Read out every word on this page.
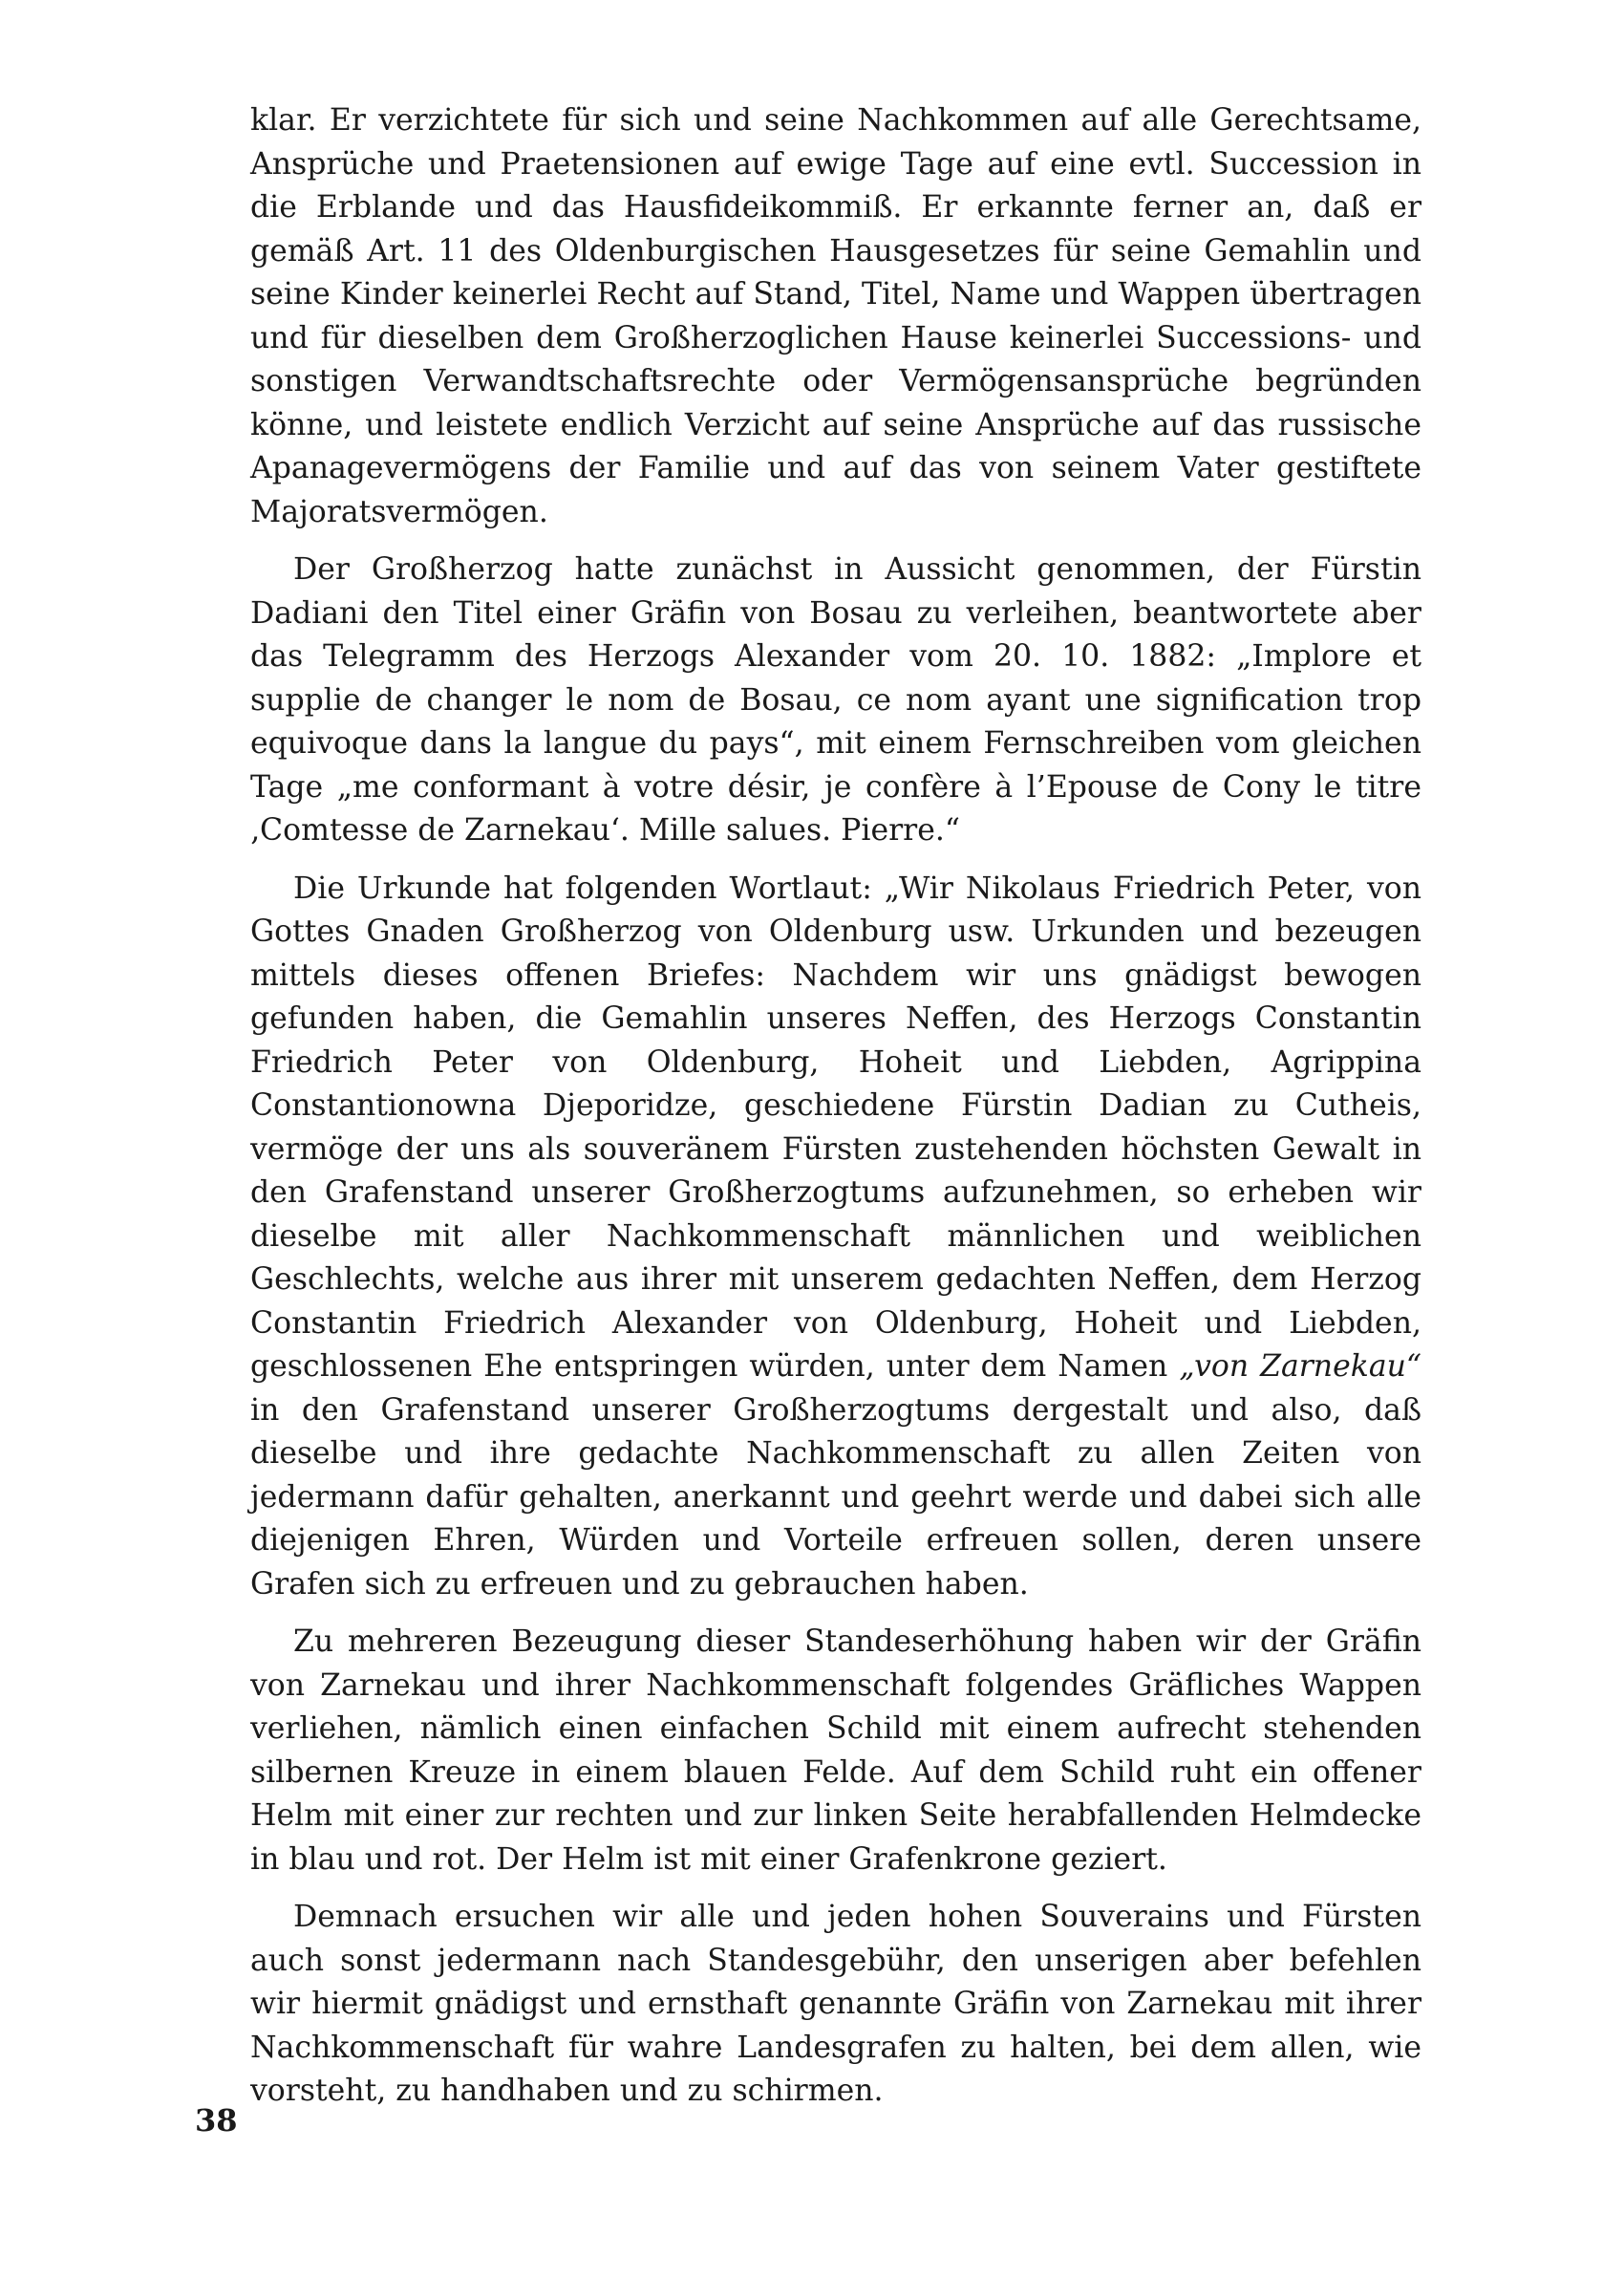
klar. Er verzichtete für sich und seine Nachkommen auf alle Gerechtsame, Ansprüche und Praetensionen auf ewige Tage auf eine evtl. Succession in die Erblande und das Hausfideikommiß. Er erkannte ferner an, daß er gemäß Art. 11 des Oldenburgischen Hausgesetzes für seine Gemahlin und seine Kinder keinerlei Recht auf Stand, Titel, Name und Wappen übertragen und für dieselben dem Großherzoglichen Hause keinerlei Successions- und sonstigen Verwandtschaftsrechte oder Vermögensansprüche begründen könne, und leistete endlich Verzicht auf seine Ansprüche auf das russische Apanagevermögens der Familie und auf das von seinem Vater gestiftete Majoratsvermögen.

Der Großherzog hatte zunächst in Aussicht genommen, der Fürstin Dadiani den Titel einer Gräfin von Bosau zu verleihen, beantwortete aber das Telegramm des Herzogs Alexander vom 20. 10. 1882: „Implore et supplie de changer le nom de Bosau, ce nom ayant une signification trop equivoque dans la langue du pays“, mit einem Fernschreiben vom gleichen Tage „me conformant à votre désir, je confère à l’Epouse de Cony le titre ‚Comtesse de Zarnekau‘. Mille salues. Pierre.“

Die Urkunde hat folgenden Wortlaut: „Wir Nikolaus Friedrich Peter, von Gottes Gnaden Großherzog von Oldenburg usw. Urkunden und bezeugen mittels dieses offenen Briefes: Nachdem wir uns gnädigst bewogen gefunden haben, die Gemahlin unseres Neffen, des Herzogs Constantin Friedrich Peter von Oldenburg, Hoheit und Liebden, Agrippina Constantionowna Djeporidze, geschiedene Fürstin Dadian zu Cutheis, vermöge der uns als souveränem Fürsten zustehenden höchsten Gewalt in den Grafenstand unserer Großherzogtums aufzunehmen, so erheben wir dieselbe mit aller Nachkommenschaft männlichen und weiblichen Geschlechts, welche aus ihrer mit unserem gedachten Neffen, dem Herzog Constantin Friedrich Alexander von Oldenburg, Hoheit und Liebden, geschlossenen Ehe entspringen würden, unter dem Namen „von Zarnekau“ in den Grafenstand unserer Großherzogtums dergestalt und also, daß dieselbe und ihre gedachte Nachkommenschaft zu allen Zeiten von jedermann dafür gehalten, anerkannt und geehrt werde und dabei sich alle diejenigen Ehren, Würden und Vorteile erfreuen sollen, deren unsere Grafen sich zu erfreuen und zu gebrauchen haben.

Zu mehreren Bezeugung dieser Standeserhöhung haben wir der Gräfin von Zarnekau und ihrer Nachkommenschaft folgendes Gräfliches Wappen verliehen, nämlich einen einfachen Schild mit einem aufrecht stehenden silbernen Kreuze in einem blauen Felde. Auf dem Schild ruht ein offener Helm mit einer zur rechten und zur linken Seite herabfallenden Helmdecke in blau und rot. Der Helm ist mit einer Grafenkrone geziert.

Demnach ersuchen wir alle und jeden hohen Souverains und Fürsten auch sonst jedermann nach Standesgebühr, den unserigen aber befehlen wir hiermit gnädigst und ernsthaft genannte Gräfin von Zarnekau mit ihrer Nachkommenschaft für wahre Landesgrafen zu halten, bei dem allen, wie vorsteht, zu handhaben und zu schirmen.

38
